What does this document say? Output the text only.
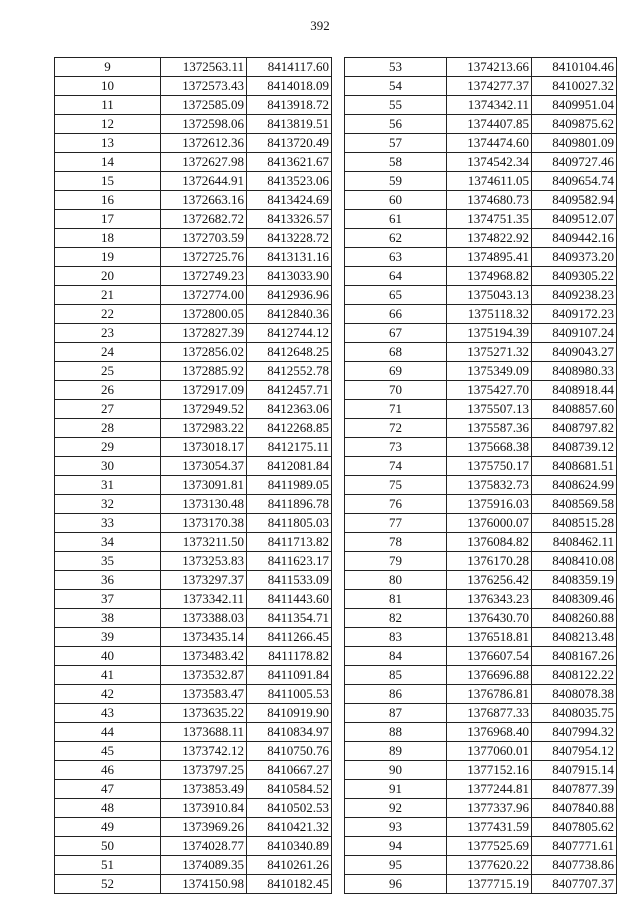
392
9	1372563.11	8414117.60
10	1372573.43	8414018.09
11	1372585.09	8413918.72
12	1372598.06	8413819.51
13	1372612.36	8413720.49
14	1372627.98	8413621.67
15	1372644.91	8413523.06
16	1372663.16	8413424.69
17	1372682.72	8413326.57
18	1372703.59	8413228.72
19	1372725.76	8413131.16
20	1372749.23	8413033.90
21	1372774.00	8412936.96
22	1372800.05	8412840.36
23	1372827.39	8412744.12
24	1372856.02	8412648.25
25	1372885.92	8412552.78
26	1372917.09	8412457.71
27	1372949.52	8412363.06
28	1372983.22	8412268.85
29	1373018.17	8412175.11
30	1373054.37	8412081.84
31	1373091.81	8411989.05
32	1373130.48	8411896.78
33	1373170.38	8411805.03
34	1373211.50	8411713.82
35	1373253.83	8411623.17
36	1373297.37	8411533.09
37	1373342.11	8411443.60
38	1373388.03	8411354.71
39	1373435.14	8411266.45
40	1373483.42	8411178.82
41	1373532.87	8411091.84
42	1373583.47	8411005.53
43	1373635.22	8410919.90
44	1373688.11	8410834.97
45	1373742.12	8410750.76
46	1373797.25	8410667.27
47	1373853.49	8410584.52
48	1373910.84	8410502.53
49	1373969.26	8410421.32
50	1374028.77	8410340.89
51	1374089.35	8410261.26
52	1374150.98	8410182.45
53	1374213.66	8410104.46
54	1374277.37	8410027.32
55	1374342.11	8409951.04
56	1374407.85	8409875.62
57	1374474.60	8409801.09
58	1374542.34	8409727.46
59	1374611.05	8409654.74
60	1374680.73	8409582.94
61	1374751.35	8409512.07
62	1374822.92	8409442.16
63	1374895.41	8409373.20
64	1374968.82	8409305.22
65	1375043.13	8409238.23
66	1375118.32	8409172.23
67	1375194.39	8409107.24
68	1375271.32	8409043.27
69	1375349.09	8408980.33
70	1375427.70	8408918.44
71	1375507.13	8408857.60
72	1375587.36	8408797.82
73	1375668.38	8408739.12
74	1375750.17	8408681.51
75	1375832.73	8408624.99
76	1375916.03	8408569.58
77	1376000.07	8408515.28
78	1376084.82	8408462.11
79	1376170.28	8408410.08
80	1376256.42	8408359.19
81	1376343.23	8408309.46
82	1376430.70	8408260.88
83	1376518.81	8408213.48
84	1376607.54	8408167.26
85	1376696.88	8408122.22
86	1376786.81	8408078.38
87	1376877.33	8408035.75
88	1376968.40	8407994.32
89	1377060.01	8407954.12
90	1377152.16	8407915.14
91	1377244.81	8407877.39
92	1377337.96	8407840.88
93	1377431.59	8407805.62
94	1377525.69	8407771.61
95	1377620.22	8407738.86
96	1377715.19	8407707.37
